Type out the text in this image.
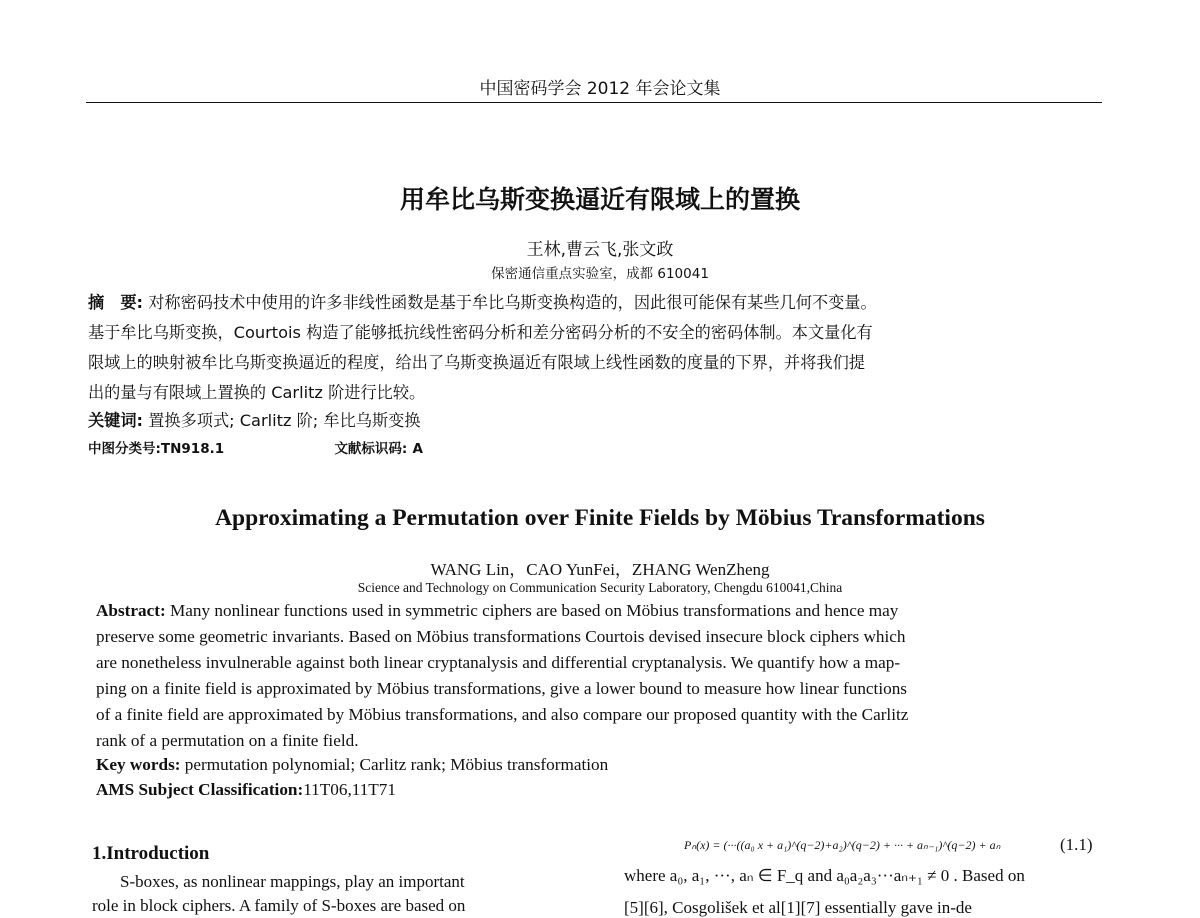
中国密码学会 2012 年会论文集
用牟比乌斯变换逼近有限域上的置换
王林,曹云飞,张文政
保密通信重点实验室，成都 610041
摘　要: 对称密码技术中使用的许多非线性函数是基于牟比乌斯变换构造的，因此很可能保有某些几何不变量。
基于牟比乌斯变换，Courtois 构造了能够抵抗线性密码分析和差分密码分析的不安全的密码体制。本文量化有
限域上的映射被牟比乌斯变换逼近的程度，给出了乌斯变换逼近有限域上线性函数的度量的下界，并将我们提
出的量与有限域上置换的 Carlitz 阶进行比较。
关键词: 置换多项式; Carlitz 阶; 牟比乌斯变换
中图分类号:TN918.1	文献标识码: A
Approximating a Permutation over Finite Fields by Möbius Transformations
WANG Lin，CAO YunFei，ZHANG WenZheng
Science and Technology on Communication Security Laboratory, Chengdu 610041,China
Abstract: Many nonlinear functions used in symmetric ciphers are based on Möbius transformations and hence may
preserve some geometric invariants. Based on Möbius transformations Courtois devised insecure block ciphers which
are nonetheless invulnerable against both linear cryptanalysis and differential cryptanalysis. We quantify how a map-
ping on a finite field is approximated by Möbius transformations, give a lower bound to measure how linear functions
of a finite field are approximated by Möbius transformations, and also compare our proposed quantity with the Carlitz
rank of a permutation on a finite field.
Key words: permutation polynomial; Carlitz rank; Möbius transformation
AMS Subject Classification:11T06,11T71
1.Introduction
S-boxes, as nonlinear mappings, play an important
role in block ciphers. A family of S-boxes are based on
Pₙ(x) = (···((a₀ x + a₁)^(q−2)+a₂)^(q−2) + ··· + aₙ₋₁)^(q−2) + aₙ	(1.1)
where a₀, a₁, ···, aₙ ∈ F_q and a₀a₂a₃···aₙ₊₁ ≠ 0 . Based on
[5][6], Cosgolišek et al[1][7] essentially gave in-de
